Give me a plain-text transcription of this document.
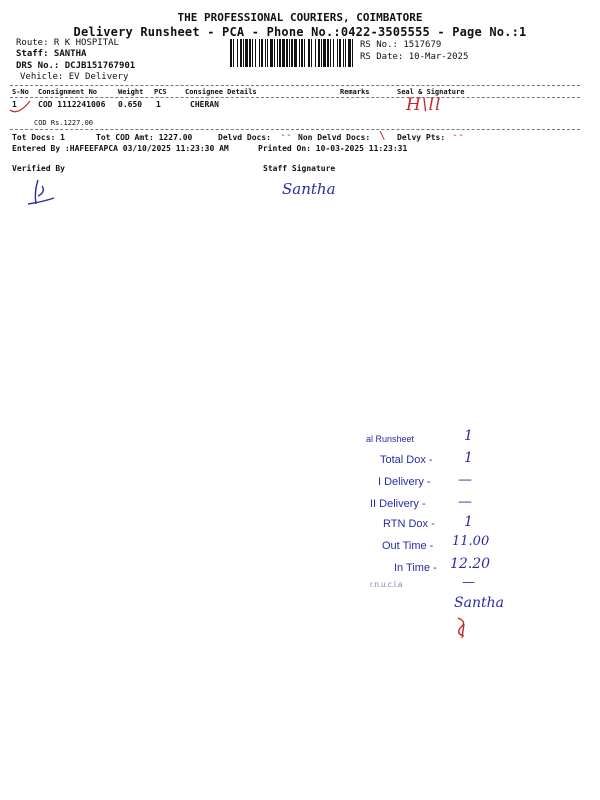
THE PROFESSIONAL COURIERS, COIMBATORE
Delivery Runsheet - PCA - Phone No.:0422-3505555 - Page No.:1
Route: R K HOSPITAL
Staff: SANTHA
DRS No.: DCJB151767901
Vehicle: EV Delivery
RS No.: 1517679
RS Date: 10-Mar-2025
S-No Consignment No	Weight PCS	Consignee Details	Remarks	Seal & Signature
1	COD 1112241006 0.650 1	CHERAN
COD Rs.1227.00
H\ll
Tot Docs: 1	Tot COD Amt: 1227.00	Delvd Docs: -- Non Delvd Docs: \ Delvy Pts: --
Entered By :HAFEEFAPCA 03/10/2025 11:23:30 AM	Printed On: 10-03-2025 11:23:31
Verified By	Staff Signature
Santha
al Runsheet	1
Total Dox - 1
I Delivery - —
II Delivery - —
RTN Dox - 1
Out Time - 11.00
In Time - 12.20
r.n.u.c.l.a	—
Santha
